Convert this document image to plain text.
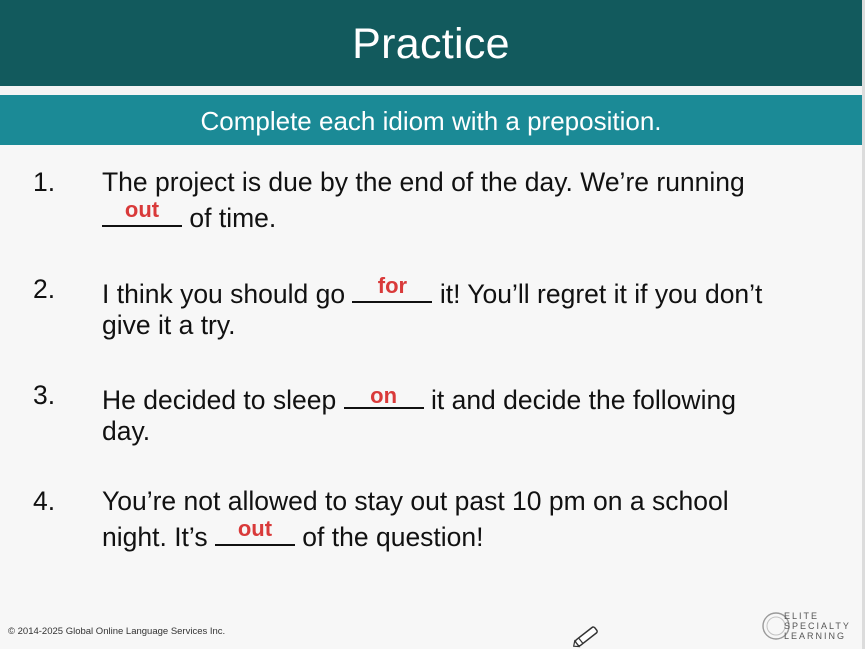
Practice
Complete each idiom with a preposition.
1. The project is due by the end of the day. We’re running
out of time.
2. I think you should go	for it! You’ll regret it if you don’t
give it a try.
3. He decided to sleep	on	it and decide the following
day.
4. You’re not allowed to stay out past 10 pm on a school
night. It’s	out of the question!
© 2014-2025 Global Online Language Services Inc.
ELITE
SPECIALTY
LEARNING
